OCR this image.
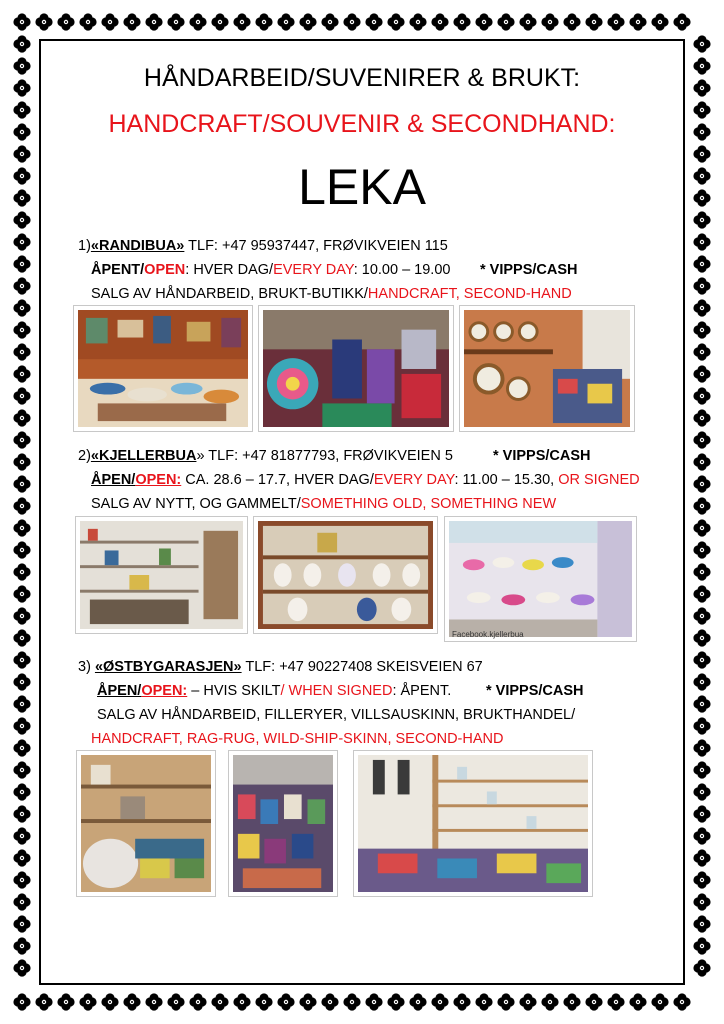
HÅNDARBEID/SUVENIRER & BRUKT:
HANDCRAFT/SOUVENIR & SECONDHAND:
LEKA
1)«RANDIBUA» TLF: +47 95937447, FRØVIKVEIEN 115
ÅPENT/OPEN: HVER DAG/EVERY DAY: 10.00 – 19.00 * VIPPS/CASH
SALG AV HÅNDARBEID, BRUKT-BUTIKK/HANDCRAFT, SECOND-HAND
2)«KJELLERBUA» TLF: +47 81877793, FRØVIKVEIEN 5	* VIPPS/CASH
ÅPEN/OPEN: CA. 28.6 – 17.7, HVER DAG/EVERY DAY: 11.00 – 15.30, OR SIGNED
SALG AV NYTT, OG GAMMELT/SOMETHING OLD, SOMETHING NEW
Facebook.kjellerbua
3) «ØSTBYGARASJEN» TLF: +47 90227408 SKEISVEIEN 67
ÅPEN/OPEN: – HVIS SKILT/ WHEN SIGNED: ÅPENT. * VIPPS/CASH
SALG AV HÅNDARBEID, FILLERYER, VILLSAUSKINN, BRUKTHANDEL/
HANDCRAFT, RAG-RUG, WILD-SHIP-SKINN, SECOND-HAND
